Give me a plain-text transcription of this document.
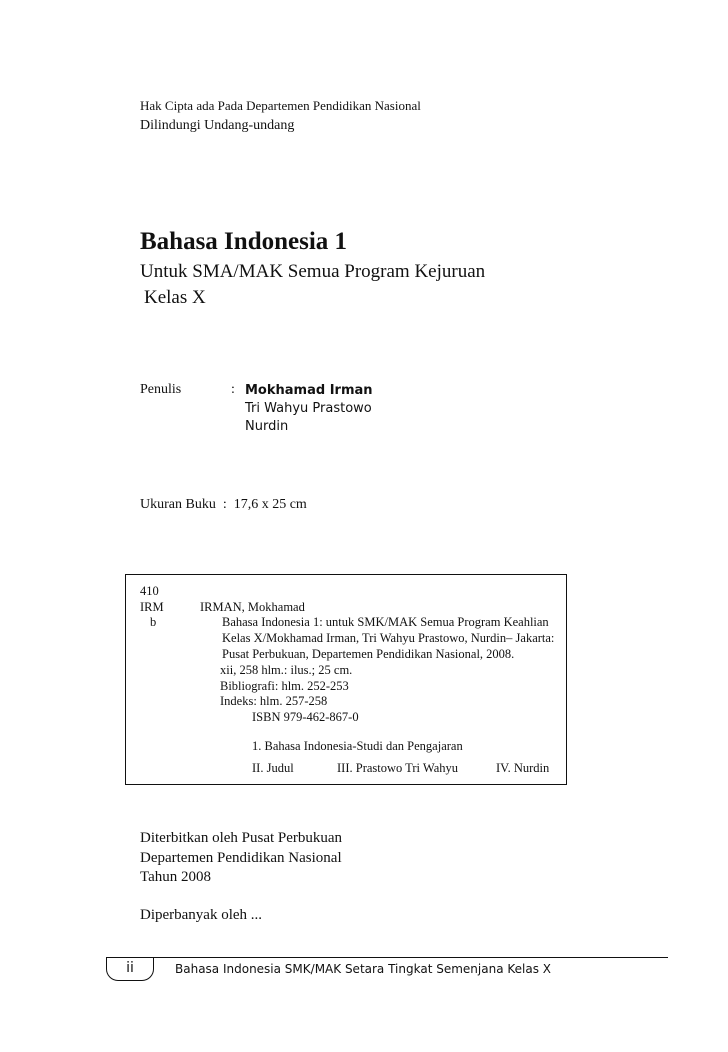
Hak Cipta ada Pada Departemen Pendidikan Nasional
Dilindungi Undang-undang
Bahasa Indonesia 1
Untuk SMA/MAK Semua Program Kejuruan
Kelas X
Penulis	: Mokhamad Irman
Tri Wahyu Prastowo
Nurdin
Ukuran Buku  :  17,6 x 25 cm
410
IRM
b
IRMAN, Mokhamad
Bahasa Indonesia 1: untuk SMK/MAK Semua Program Keahlian
Kelas X/Mokhamad Irman, Tri Wahyu Prastowo, Nurdin– Jakarta:
Pusat Perbukuan, Departemen Pendidikan Nasional, 2008.
xii, 258 hlm.: ilus.; 25 cm.
Bibliografi: hlm. 252-253
Indeks: hlm. 257-258
ISBN 979-462-867-0
1. Bahasa Indonesia-Studi dan Pengajaran
II. Judul	III. Prastowo Tri Wahyu	IV. Nurdin
Diterbitkan oleh Pusat Perbukuan
Departemen Pendidikan Nasional
Tahun 2008
Diperbanyak oleh ...
ii	Bahasa Indonesia SMK/MAK Setara Tingkat Semenjana Kelas X
